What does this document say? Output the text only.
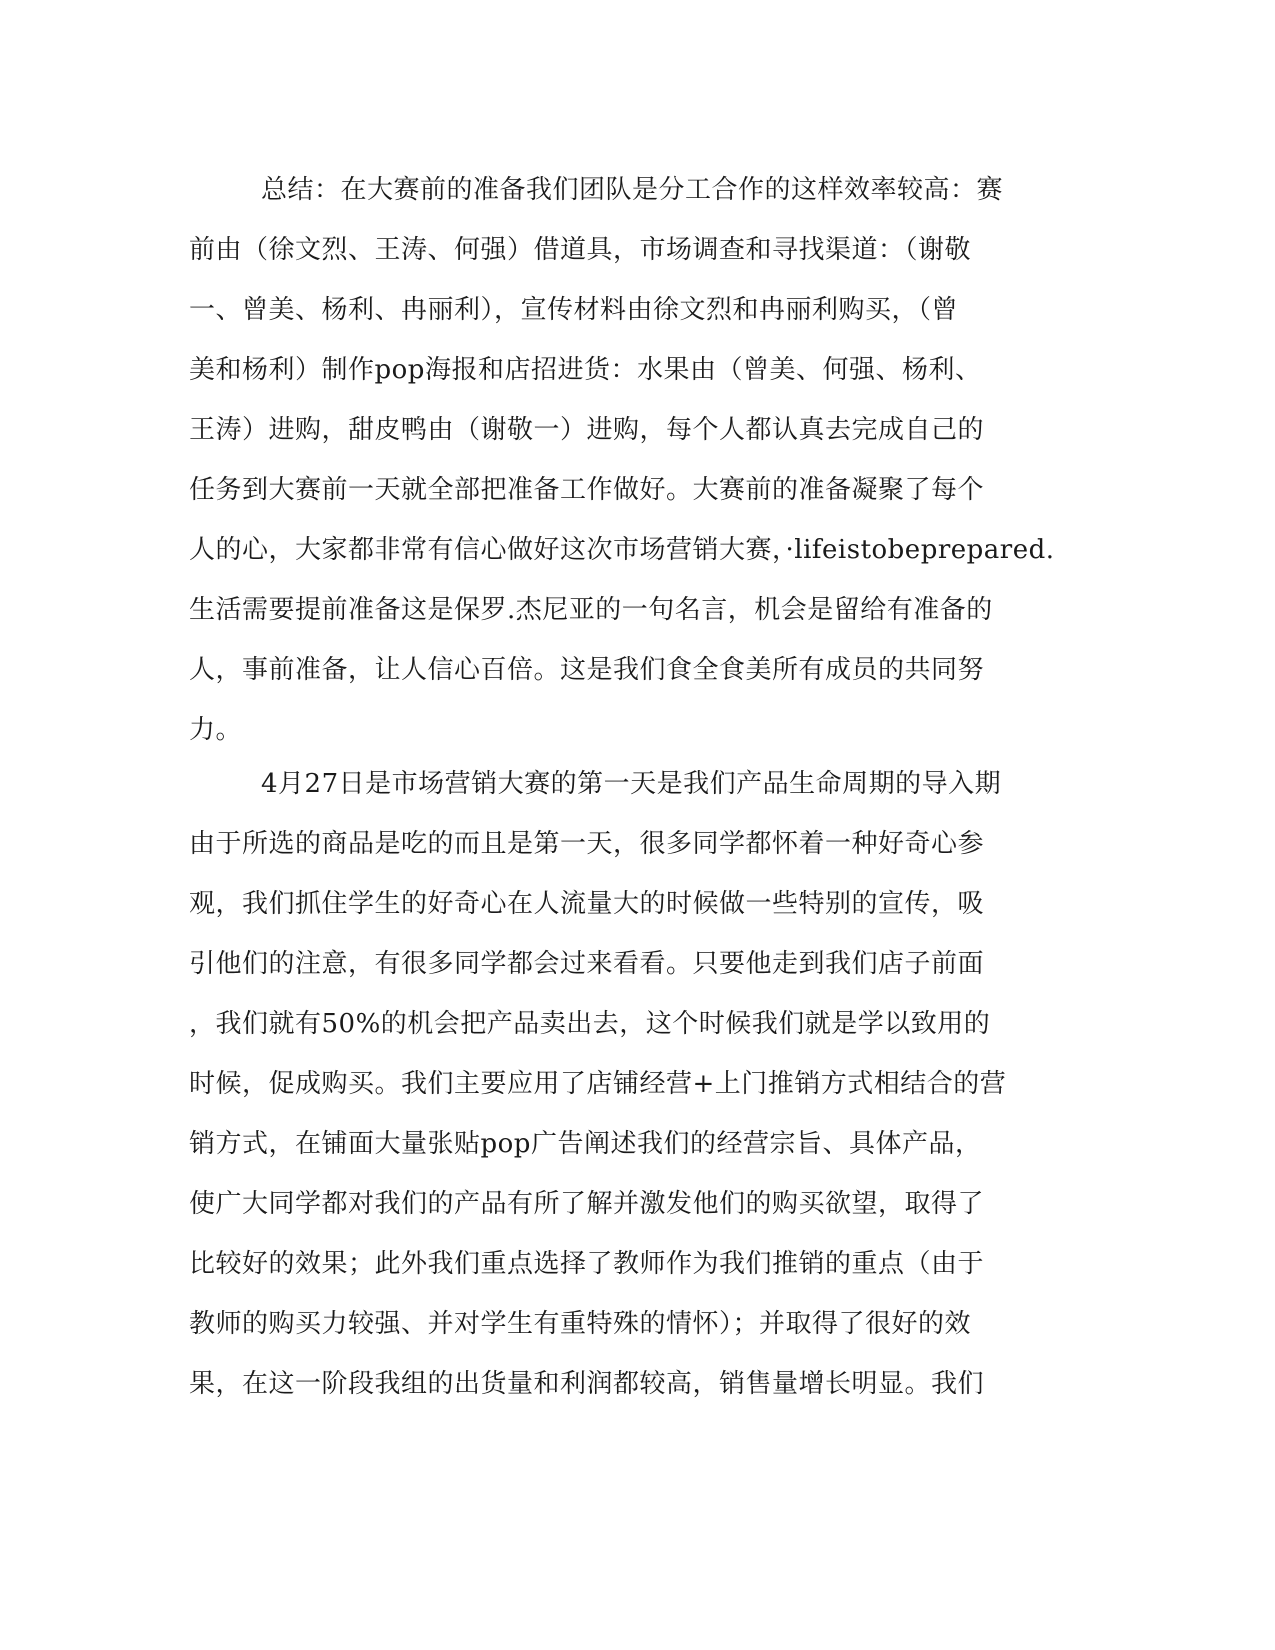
总结：在大赛前的准备我们团队是分工合作的这样效率较高：赛
前由（徐文烈、王涛、何强）借道具，市场调查和寻找渠道：（谢敬
一、曾美、杨利、冉丽利），宣传材料由徐文烈和冉丽利购买，（曾
美和杨利）制作pop海报和店招进货：水果由（曾美、何强、杨利、
王涛）进购，甜皮鸭由（谢敬一）进购，每个人都认真去完成自己的
任务到大赛前一天就全部把准备工作做好。大赛前的准备凝聚了每个
人的心，大家都非常有信心做好这次市场营销大赛，·lifeistobeprepared.
生活需要提前准备这是保罗.杰尼亚的一句名言，机会是留给有准备的
人，事前准备，让人信心百倍。这是我们食全食美所有成员的共同努
力。
4月27日是市场营销大赛的第一天是我们产品生命周期的导入期
由于所选的商品是吃的而且是第一天，很多同学都怀着一种好奇心参
观，我们抓住学生的好奇心在人流量大的时候做一些特别的宣传，吸
引他们的注意，有很多同学都会过来看看。只要他走到我们店子前面
，我们就有50%的机会把产品卖出去，这个时候我们就是学以致用的
时候，促成购买。我们主要应用了店铺经营+上门推销方式相结合的营
销方式，在铺面大量张贴pop广告阐述我们的经营宗旨、具体产品，
使广大同学都对我们的产品有所了解并激发他们的购买欲望，取得了
比较好的效果；此外我们重点选择了教师作为我们推销的重点（由于
教师的购买力较强、并对学生有重特殊的情怀）；并取得了很好的效
果，在这一阶段我组的出货量和利润都较高，销售量增长明显。我们
